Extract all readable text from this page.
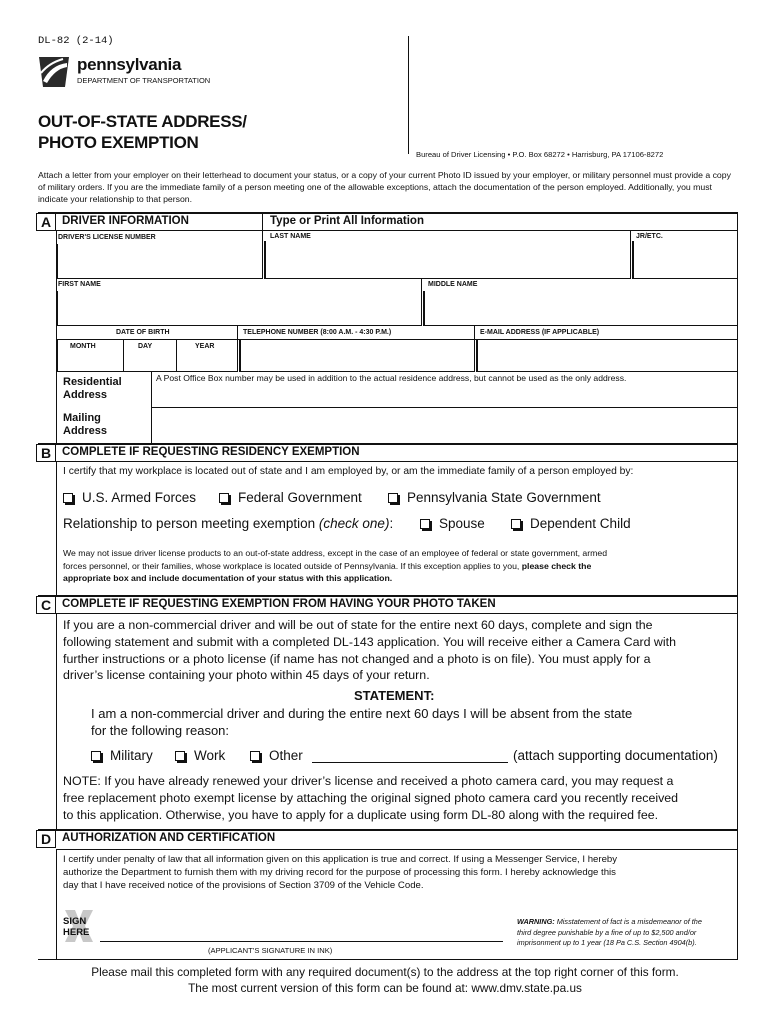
DL-82 (2-14)
pennsylvania
DEPARTMENT OF TRANSPORTATION
OUT-OF-STATE ADDRESS/
PHOTO EXEMPTION
Bureau of Driver Licensing • P.O. Box 68272 • Harrisburg, PA 17106-8272
Attach a letter from your employer on their letterhead to document your status, or a copy of your current Photo ID issued by your employer, or military personnel must provide a copy of military orders. If you are the immediate family of a person meeting one of the allowable exceptions, attach the documentation of the person employed. Additionally, you must indicate your relationship to that person.
A DRIVER INFORMATION	Type or Print All Information
DRIVER'S LICENSE NUMBER	LAST NAME	JR/ETC.
FIRST NAME	MIDDLE NAME
DATE OF BIRTH	TELEPHONE NUMBER (8:00 A.M. - 4:30 P.M.)	E-MAIL ADDRESS (IF APPLICABLE)
MONTH	DAY	YEAR
Residential
Address
A Post Office Box number may be used in addition to the actual residence address, but cannot be used as the only address.
Mailing
Address
B COMPLETE IF REQUESTING RESIDENCY EXEMPTION
I certify that my workplace is located out of state and I am employed by, or am the immediate family of a person employed by:
U.S. Armed Forces	Federal Government	Pennsylvania State Government
Relationship to person meeting exemption (check one):	Spouse	Dependent Child
We may not issue driver license products to an out-of-state address, except in the case of an employee of federal or state government, armed
forces personnel, or their families, whose workplace is located outside of Pennsylvania. If this exception applies to you, please check the
appropriate box and include documentation of your status with this application.
C COMPLETE IF REQUESTING EXEMPTION FROM HAVING YOUR PHOTO TAKEN
If you are a non-commercial driver and will be out of state for the entire next 60 days, complete and sign the
following statement and submit with a completed DL-143 application. You will receive either a Camera Card with
further instructions or a photo license (if name has not changed and a photo is on file). You must apply for a
driver’s license containing your photo within 45 days of your return.
STATEMENT:
I am a non-commercial driver and during the entire next 60 days I will be absent from the state
for the following reason:
Military	Work	Other	(attach supporting documentation)
NOTE: If you have already renewed your driver’s license and received a photo camera card, you may request a
free replacement photo exempt license by attaching the original signed photo camera card you recently received
to this application. Otherwise, you have to apply for a duplicate using form DL-80 along with the required fee.
D AUTHORIZATION AND CERTIFICATION
I certify under penalty of law that all information given on this application is true and correct. If using a Messenger Service, I hereby
authorize the Department to furnish them with my driving record for the purpose of processing this form. I hereby acknowledge this
day that I have received notice of the provisions of Section 3709 of the Vehicle Code.
SIGN
HERE
(APPLICANT’S SIGNATURE IN INK)
WARNING: Misstatement of fact is a misdemeanor of the
third degree punishable by a fine of up to $2,500 and/or
imprisonment up to 1 year (18 Pa C.S. Section 4904(b).
Please mail this completed form with any required document(s) to the address at the top right corner of this form.
The most current version of this form can be found at: www.dmv.state.pa.us
